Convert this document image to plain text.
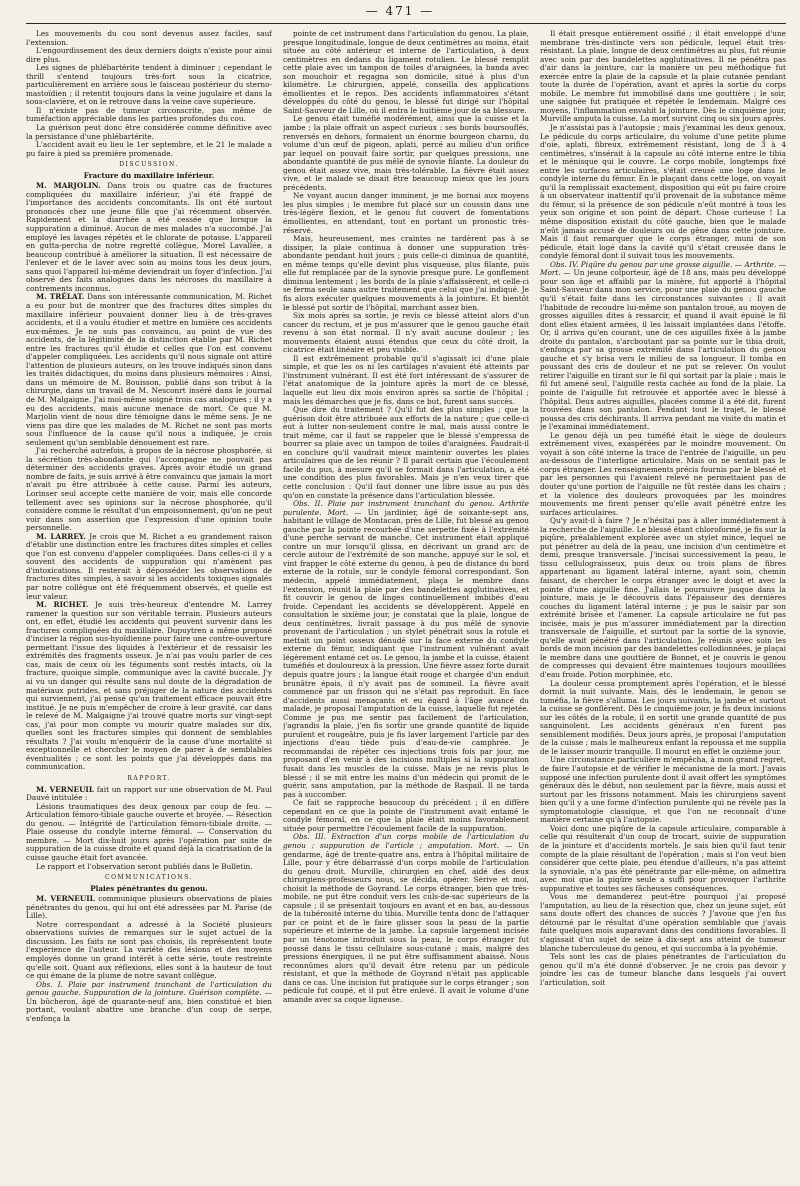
— 471 —

Les mouvements du cou sont devenus assez faciles, sauf l'extension.

L'engourdissement des deux derniers doigts n'existe pour ainsi dire plus.

Les signes de phlébartérite tendent à diminuer ; cependant le thrill s'entend toujours très-fort sous la cicatrice, particulièrement en arrière sous le faisceau postérieur du sterno-mastoïdien ; il retentit toujours dans la veine jugulaire et dans la sous-clavière, et on le retrouve dans la veine cave supérieure.

Il n'existe pas de tumeur circonscrite, pas même de tuméfaction appréciable dans les parties profondes du cou.

La guérison peut donc être considérée comme définitive avec la persistance d'une phlébartérite.

L'accident avait eu lieu le 1er septembre, et le 21 le malade a pu faire à pied sa première promenade.

DISCUSSION.
Fracture du maxillaire inférieur.

M. MARJOLIN. Dans trois ou quatre cas de fractures compliquées du maxillaire inférieur, j'ai été frappé de l'importance des accidents concomitants. Ils ont été surtout prononcés chez une jeune fille que j'ai récemment observée. Rapidement et la diarrhée a été cessée que lorsque la suppuration a diminué. Aucun de mes malades n'a succombé. J'ai employé les lavages répétés et le chlorate de potasse. L'appareil en gutta-percha de notre regretté collègue, Morel Lavallée, a beaucoup contribué à améliorer la situation. Il est nécessaire de l'enlever et de le laver avec soin au moins tous les deux jours, sans quoi l'appareil lui-même deviendrait un foyer d'infection. J'ai observé des faits analogues dans les nécroses du maxillaire à contrements inconnus.

M. TRÉLAT. Dans son intéressante communication, M. Richet a eu pour but de montrer que des fractures dites simples du maxillaire inférieur pouvaient donner lieu à de très-graves accidents, et il a voulu étudier et mettre en lumière ces accidents eux-mêmes. Je ne suis pas convaincu, au point de vue des accidents, de la légitimité de la distinction établie par M. Richet entre les fractures qu'il étudie et celles que l'on est convenu d'appeler compliquées. Les accidents qu'il nous signale ont attiré l'attention de plusieurs auteurs, on les trouve indiqués sinon dans les traités didactiques, du moins dans plusieurs mémoires : Ainsi, dans un mémoire de M. Bouisson, publié dans son tribut à la chirurgie, dans un travail de M. Nesconrt inséré dans le journal de M. Malgaigne. J'ai moi-même soigné trois cas analogues ; il y a eu des accidents, mais aucune menace de mort. Ce que M. Marjolin vient de nous dire témoigne dans le même sens. Je ne viens pas dire que les malades de M. Richet ne sont pas morts sous l'influence de la cause qu'il nous a indiquée, je crois seulement qu'un semblable dénouement est rare.

J'ai recherché autrefois, à propos de la nécrose phosphorée, si la sécrétion très-abondante qui l'accompagne ne pouvait pas déterminer des accidents graves. Après avoir étudié un grand nombre de faits, je suis arrivé à être convaincu que jamais la mort n'avait pu être attribuée à cette cause. Parmi les auteurs, Lorinser seul accepte cette manière de voir, mais elle concorde tellement avec ses opinions sur la nécrose phosphorée, qu'il considère comme le résultat d'un empoisonnement, qu'on ne peut voir dans son assertion que l'expression d'une opinion toute personnelle.

M. LARREY. Je crois que M. Richet a eu grandement raison d'établir une distinction entre les fractures dites simples et celles que l'on est convenu d'appeler compliquées. Dans celles-ci il y a souvent des accidents de suppuration qui n'amènent pas d'intoxications. Il resterait à déposséder les observations de fractures dites simples, à savoir si les accidents toxiques signalés par notre collègue ont été fréquemment observés, et quelle est leur valeur.

M. RICHET. Je suis très-heureux d'entendre M. Larrey ramener la question sur son véritable terrain. Plusieurs auteurs ont, en effet, étudié les accidents qui peuvent survenir dans les fractures compliquées du maxillaire. Dupuytren a même proposé d'inciser la région sus-hyoïdienne pour faire une contre-ouverture permettant l'issue des liquides à l'extérieur et de ressaisir les extrémités des fragments osseux. Je n'ai pas voulu parler de ces cas, mais de ceux où les téguments sont restés intacts, où la fracture, quoique simple, communique avec la cavité buccale. J'y ai vu un danger qui résulte sans nul doute de la dégradation de matériaux putrides, et sans préjuger de la nature des accidents qui surviennent, j'ai pensé qu'un traitement efficace pouvait être institué. Je ne puis m'empêcher de croire à leur gravité, car dans le relevé de M. Malgaigne j'ai trouvé quatre morts sur vingt-sept cas, j'ai pour mon compte vu mourir quatre malades sur dix, quelles sont les fractures simples qui donnent de semblables résultats ? J'ai voulu m'enquérir de la cause d'une mortalité si exceptionnelle et chercher le moyen de parer à de semblables éventualités ; ce sont les points que j'ai développés dans ma communication.

RAPPORT.

M. VERNEUIL fait un rapport sur une observation de M. Paul Dauvé intitulée :

Lésions traumatiques des deux genoux par coup de feu. — Articulation fémoro-tibiale gauche ouverte et broyée. — Résection du genou. — Intégrité de l'articulation fémoro-tibiale droite. — Plaie osseuse du condyle interne fémoral. — Conservation du membre. — Mort dix-huit jours après l'opération par suite de suppuration de la cuisse droite et quand déjà la cicatrisation de la cuisse gauche était fort avancée.

Le rapport et l'observation seront publiés dans le Bulletin.

COMMUNICATIONS.
Plaies pénétrantes du genou.

M. VERNEUIL communique plusieurs observations de plaies pénétrantes du genou, qui lui ont été adressées par M. Parise (de Lille).

Notre correspondant a adressé à la Société plusieurs observations suivies de remarques sur le sujet actuel de la discussion. Les faits ne sont pas choisis, ils représentent toute l'expérience de l'auteur. La variété des lésions et des moyens employés donne un grand intérêt à cette série, toute restreinte qu'elle soit. Quant aux réflexions, elles sont à la hauteur de tout ce qui émane de la plume de notre savant collègue.

Obs. I. Plaie par instrument tranchant de l'articulation du genou gauche. Suppuration de la jointure. Guérison complète. — Un bûcheron, âgé de quarante-neuf ans, bien constitué et bien portant, voulant abattre une branche d'un coup de serpe, s'enfonça la

pointe de cet instrument dans l'articulation du genou. La plaie, presque longitudinale, longue de deux centimètres au moins, était située au côté antérieur et interne de l'articulation, à deux centimètres en dedans du ligament rotulien. Le blessé remplit cette plaie avec un tampon de toiles d'araignées, la banda avec son mouchoir et regagna son domicile, situé à plus d'un kilomètre. Le chirurgien, appelé, conseilla des applications émollientes et le repos. Des accidents inflammatoires s'étant développés du côté du genou, le blessé fut dirigé sur l'hôpital Saint-Sauveur de Lille, où il entra le huitième jour de sa blessure.

Le genou était tuméfié modérément, ainsi que la cuisse et la jambe ; la plaie offrait un aspect curieux : ses bords boursouflés, renversés en dehors, formaient un énorme bourgeon charnu, du volume d'un œuf de pigeon, aplati, percé au milieu d'un orifice par lequel on pouvait faire sortir, par quelques pressions, une abondante quantité de pus mêlé de synovie filante. La douleur du genou était assez vive, mais très-tolérable. La fièvre était assez vive, et le malade se disait être beaucoup mieux que les jours précédents.

Ne voyant aucun danger imminent, je me bornai aux moyens les plus simples ; le membre fut placé sur un coussin dans une très-légère flexion, et le genou fut couvert de fomentations émollientes, en attendant, tout en portant un pronostic très-réservé.

Mais, heureusement, mes craintes ne tardèrent pas à se dissiper, la plaie continua à donner une suppuration très-abondante pendant huit jours ; puis celle-ci diminua de quantité, en même temps qu'elle devint plus visqueuse, plus filante, puis elle fut remplacée par de la synovie presque pure. Le gonflement diminua lentement ; les bords de la plaie s'affaissèrent, et celle-ci se ferma seule sans autre traitement que celui que j'ai indiqué. Je fis alors exécuter quelques mouvements à la jointure. Et bientôt le blessé put sortir de l'hôpital, marchant assez bien.

Six mois après sa sortie, je revis ce blessé atteint alors d'un cancer du rectum, et je pus m'assurer que le genou gauche était revenu à son état normal. Il n'y avait aucune douleur ; les mouvements étaient aussi étendus que ceux du côté droit, la cicatrice était linéaire et peu visible.

Il est extrêmement probable qu'il s'agissait ici d'une plaie simple, et que les os ni les cartilages n'avaient été atteints par l'instrument vulnérant. Il est été fort intéressant de s'assurer de l'état anatomique de la jointure après la mort de ce blessé, laquelle eut lieu dix mois environ après sa sortie de l'hôpital ; mais les démarches que je fis, dans ce but, furent sans succès.

Que dire du traitement ? Qu'il fut des plus simples ; que la guérison doit être attribuée aux efforts de la nature ; que celle-ci eut à lutter non-seulement contre le mal, mais aussi contre le trait même, car il faut se rappeler que le blessé s'empressa de bourrer sa plaie avec un tampon de toiles d'araignées. Faudrait-il en conclure qu'il vaudrait mieux maintenir ouvertes les plaies articulaires que de les réunir ? Il paraît certain que l'écoulement facile du pus, à mesure qu'il se formait dans l'articulation, a été une condition des plus favorables. Mais je n'en veux tirer que cette conclusion : Qu'il faut donner une libre issue au pus dès qu'on en constate la présence dans l'articulation blessée.

Obs. II. Plaie par instrument tranchant du genou. Arthrite purulente. Mort. — Un jardinier, âgé de soixante-sept ans, habitant le village de Montacan, près de Lille, fut blessé au genou gauche par la pointe recourbée d'une serpette fixée à l'extrémité d'une perche servant de manche. Cet instrument était appliqué contre un mur lorsqu'il glissa, en décrivant un grand arc de cercle autour de l'extrémité de son manche, appuyé sur le sol, et vint frapper le côté externe du genou, à peu de distance du bord externe de la rotule, sur le condyle fémoral correspondant. Son médecin, appelé immédiatement, plaça le membre dans l'extension, réunit la plaie par des bandelettes agglutinatives, et fit couvrir le genou de linges continuellement imbibés d'eau froide. Cependant les accidents se développèrent. Appelé en consultation le sixième jour, je constatai que la plaie, longue de deux centimètres, livrait passage à du pus mêlé de synovie provenant de l'articulation ; un stylet pénétrait sous la rotule et mettait un point osseux dénudé sur la face externe du condyle externe du fémur, indiquant que l'instrument vulnérant avait légèrement entamé cet os. Le genou, la jambe et la cuisse, étaient tuméfiés et douloureux à la pression. Une fièvre assez forte durait depuis quatre jours ; la langue était rouge et chargée d'un enduit brunâtre épais, il n'y avait pas de sommeil. La fièvre avait commencé par un frisson qui ne s'était pas reproduit. En face d'accidents aussi menaçants et eu égard à l'âge avancé du malade, je proposai l'amputation de la cuisse, laquelle fut rejetée. Comme je pus me sentir pas facilement de l'articulation, j'agrandis la plaie, j'en fis sortir une grande quantité de liquide purulent et rougeâtre, puis je fis laver largement l'article par des injections d'eau tiède puis d'eau-de-vie camphrée. Je recommandai de répéter ces injections trois fois par jour, me proposant d'en venir à des incisions multiples si la suppuration fusait dans les muscles de la cuisse. Mais je ne revis plus le blessé ; il se mit entre les mains d'un médecin qui promit de le guérir, sans amputation, par la méthode de Raspail. Il ne tarda pas à succomber.

Ce fait se rapproche beaucoup du précédent ; il en diffère cependant en ce que la pointe de l'instrument avait entamé le condyle fémoral, en ce que la plaie était moins favorablement située pour permettre l'écoulement facile de la suppuration.

Obs. III. Extraction d'un corps mobile de l'articulation du genou ; suppuration de l'article ; amputation. Mort. — Un gendarme, âgé de trente-quatre ans, entra à l'hôpital militaire de Lille, pour y être débarrassé d'un corps mobile de l'articulation du genou droit. Murville, chirurgien en chef, aidé des deux chirurgiens-professeurs nous, se décida, opérer. Sérive et moi, choisit la méthode de Goyrand. Le corps étranger, bien que très-mobile, ne put être conduit vers les culs-de-sac supérieurs de la capsule ; il se présentait toujours en avant et en bas, au-dessous de la tubérosité interne du tibia. Murville tenta donc de l'attaquer par ce point et de le faire glisser sous la peau de la partie supérieure et interne de la jambe. La capsule largement incisée par un ténotome introduit sous la peau, le corps étranger fut poussé dans le tissu cellulaire sous-cutané ; mais, malgré des pressions énergiques, il ne put être suffisamment abaissé. Nous reconnûmes alors qu'il devait être retenu par un pédicule résistant, et que la méthode de Goyrand n'était pas applicable dans ce cas. Une incision fut pratiquée sur le corps étranger ; son pédicule fut coupé, et il put être enlevé. Il avait le volume d'une amande avec sa coque ligneuse.

Il était presque entièrement ossifié ; il était enveloppé d'une membrane très-distincte vers son pédicule, lequel était très-résistant. La plaie, longue de deux centimètres au plus, fut réunie avec soin par des bandelettes agglutinatives. Il ne pénétra pas d'air dans la jointure, car la manière un peu méthodique fut exercée entre la plaie de la capsule et la plaie cutanée pendant toute la durée de l'opération, avant et après la sortie du corps mobile. Le membre fut immobilisé dans une gouttière ; le soir, une saignée fut pratiquée et répétée le lendemain. Malgré ces moyens, l'inflammation envahit la jointure. Dès le cinquième jour, Murville amputa la cuisse. La mort survint cinq ou six jours après.

Je n'assistai pas à l'autopsie ; mais j'examinai les deux genoux. Le pédicule du corps articulaire, du volume d'une petite plume d'oie, aplati, fibreux, extrêmement résistant, long de 3 à 4 centimètres, s'insérait à la capsule au côté interne entre le tibia et le ménisque qui le couvre. Le corps mobile, longtemps fixé entre les surfaces articulaires, s'était creusé une loge dans le condyle interne du fémur. En le plaçant dans cette loge, on voyait qu'il la remplissait exactement, disposition qui eût pu faire croire à un observateur inattentif qu'il provenait de la substance même du fémur, si la présence de son pédicule n'eût montré à tous les yeux son origine et son point de départ. Chose curieuse ! La même disposition existait du côté gauche, bien que le malade n'eût jamais accusé de douleurs ou de gêne dans cette jointure. Mais il faut remarquer que le corps étranger, muni de son pédicule, était logé dans la cavité qu'il s'était creusée dans le condyle fémoral dont il suivait tous les mouvements.

Obs. IV. Piqûre du genou par une grosse aiguille. — Arthrite. — Mort. — Un jeune colporteur, âgé de 18 ans, mais peu développé pour son âge et affaibli par la misère, fut apporté à l'hôpital Saint-Sauveur dans mon service, pour une plaie du genou gauche qu'il s'était faite dans les circonstances suivantes : Il avait l'habitude de recoudre lui-même son pantalon troué, au moyen de grosses aiguilles dites à ressarcir, et quand il avait épuisé le fil dont elles étaient armées, il les laissait implantées dans l'étoffe. Or, il arriva qu'en courant, une de ces aiguilles fixée à la jambe droite du pantalon, s'arcboutant par sa pointe sur le tibia droit, s'enfonça par sa grosse extrémité dans l'articulation du genou gauche et s'y brisa vers le milieu de sa longueur. Il tomba en poussant des cris de douleur et ne put se relever. On voulut retirer l'aiguille en tirant sur le fil qui sortait par la plaie ; mais le fil fut amené seul, l'aiguille resta cachée au fond de la plaie. La pointe de l'aiguille fut retrouvée et apportée avec le blessé à l'hôpital. Deux autres aiguilles, placées comme il a été dit, furent trouvées dans son pantalon. Pendant tout le trajet, le blessé poussa des cris déchirants. Il arriva pendant ma visite du matin et je l'examinai immédiatement.

Le genou déjà un peu tuméfié était le siège de douleurs extrêmement vives, exaspérées par le moindre mouvement. On voyait à son côté interne la trace de l'entrée de l'aiguille, un peu au-dessous de l'interligne articulaire. Mais on ne sentait pas le corps étranger. Les renseignements précis fournis par le blessé et par les personnes qui l'avaient relevé ne permettaient pas de douter qu'une portion de l'aiguille ne fût restée dans les chairs ; et la violence des douleurs provoquées par les moindres mouvements me firent penser qu'elle avait pénétré entre les surfaces articulaires.

Qu'y avait-il à faire ? Je n'hésitai pas à aller immédiatement à la recherche de l'aiguille. Le blessé étant chloroformé, je fis sur la piqûre, préalablement explorée avec un stylet mince, lequel ne put pénétrer au delà de la peau, une incision d'un centimètre et demi, presque transversale. J'incisai successivement la peau, le tissu cellulograisseux, puis deux ou trois plans de fibres appartenant au ligament latéral interne, ayant soin, chemin faisant, de chercher le corps étranger avec le doigt et avec la pointe d'une aiguille fine. J'allais le poursuivre jusque dans la jointure, mais je le découvris dans l'épaisseur des dernières couches du ligament latéral interne ; je pus le saisir par son extrémité brisée et l'amener. La capsule articulaire ne fut pas incisée, mais je pus m'assurer immédiatement par la direction transversale de l'aiguille, et surtout par la sortie de la synovie, qu'elle avait pénétré dans l'articulation. Je réunis avec soin les bords de mon incision par des bandelettes collodionnées, je plaçai le membre dans une gouttière de Bonnet, et je couvris le genou de compresses qui devaient être maintenues toujours mouillées d'eau froide. Potion morphinée, etc.

La douleur cessa promptement après l'opération, et le blessé dormit la nuit suivante. Mais, dès le lendemain, le genou se tuméfia, la fièvre s'alluma. Les jours suivants, la jambe et surtout la cuisse se gonflèrent. Dès le cinquième jour, je fis deux incisions sur les côtés de la rotule, il en sortit une grande quantité de pus sanguinolent. Les accidents généraux n'en furent pas sensiblement modifiés. Deux jours après, je proposai l'amputation de la cuisse ; mais le malheureux enfant la repoussa et me supplia de le laisser mourir tranquille. Il mourut en effet le onzième jour.

Une circonstance particulière m'empêcha, à mon grand regret, de faire l'autopsie et de vérifier le mécanisme de la mort. J'avais supposé une infection purulente dont il avait offert les symptômes généraux dès le début, non seulement par la fièvre, mais aussi et surtout par les frissons notamment. Mais les chirurgiens savent bien qu'il y a une forme d'infection purulente qui ne révèle pas la symptomatologie classique, et que l'on ne reconnaît d'une manière certaine qu'à l'autopsie.

Voici donc une piqûre de la capsule articulaire, comparable à celle qui résulterait d'un coup de trocart, suivie de suppuration de la jointure et d'accidents mortels. Je sais bien qu'il faut tenir compte de la plaie résultant de l'opération ; mais si l'on veut bien considérer que cette plaie, peu étendue d'ailleurs, n'a pas atteint la synoviale, n'a pas été pénétrante par elle-même, on admettra avec moi que la piqûre seule a suffi pour provoquer l'arthrite suppurative et toutes ses fâcheuses conséquences.

Vous me demanderez peut-être pourquoi j'ai proposé l'amputation, au lieu de la résection que, chez un jeune sujet, eût sans doute offert des chances de succès ? J'avoue que j'en fus détourné par le résultat d'une opération semblable que j'avais faite quelques mois auparavant dans des conditions favorables. Il s'agissait d'un sujet de seize à dix-sept ans atteint de tumeur blanche tuberculeuse du genou, et qui succomba à la pyohémie.

Tels sont les cas de plaies pénétrantes de l'articulation du genou qu'il m'a été donné d'observer. Je ne crois pas devoir y joindre les cas de tumeur blanche dans lesquels j'ai ouvert l'articulation, soit
